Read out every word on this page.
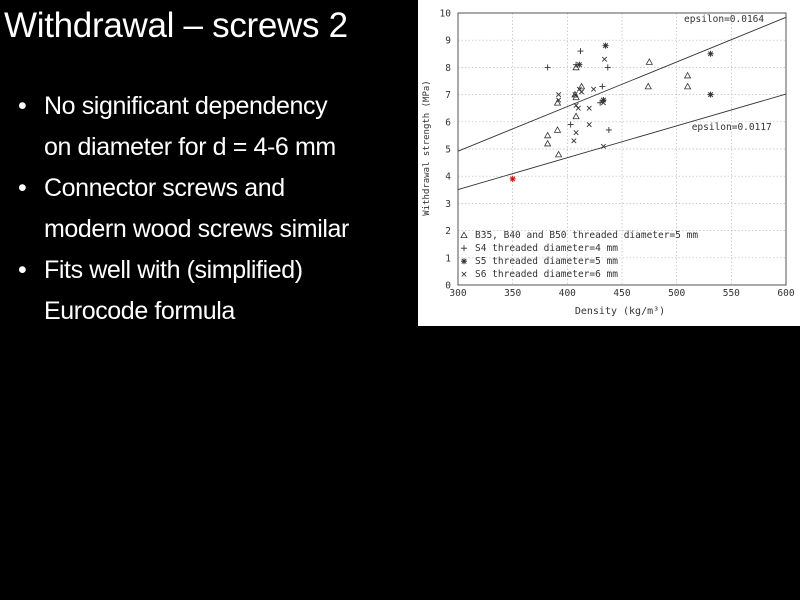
Withdrawal – screws 2
• No significant dependency
on diameter for d = 4-6 mm
• Connector screws and
modern wood screws similar
• Fits well with (simplified)
Eurocode formula
300	350	400	450	500	550	600
0
1
2
3
4
5
6
7
8
9
10
epsilon=0.0164
epsilon=0.0117
B35, B40 and B50 threaded diameter=5 mm
S4 threaded diameter=4 mm
S5 threaded diameter=5 mm
S6 threaded diameter=6 mm
Density (kg/m³)
Withdrawal strength (MPa)
